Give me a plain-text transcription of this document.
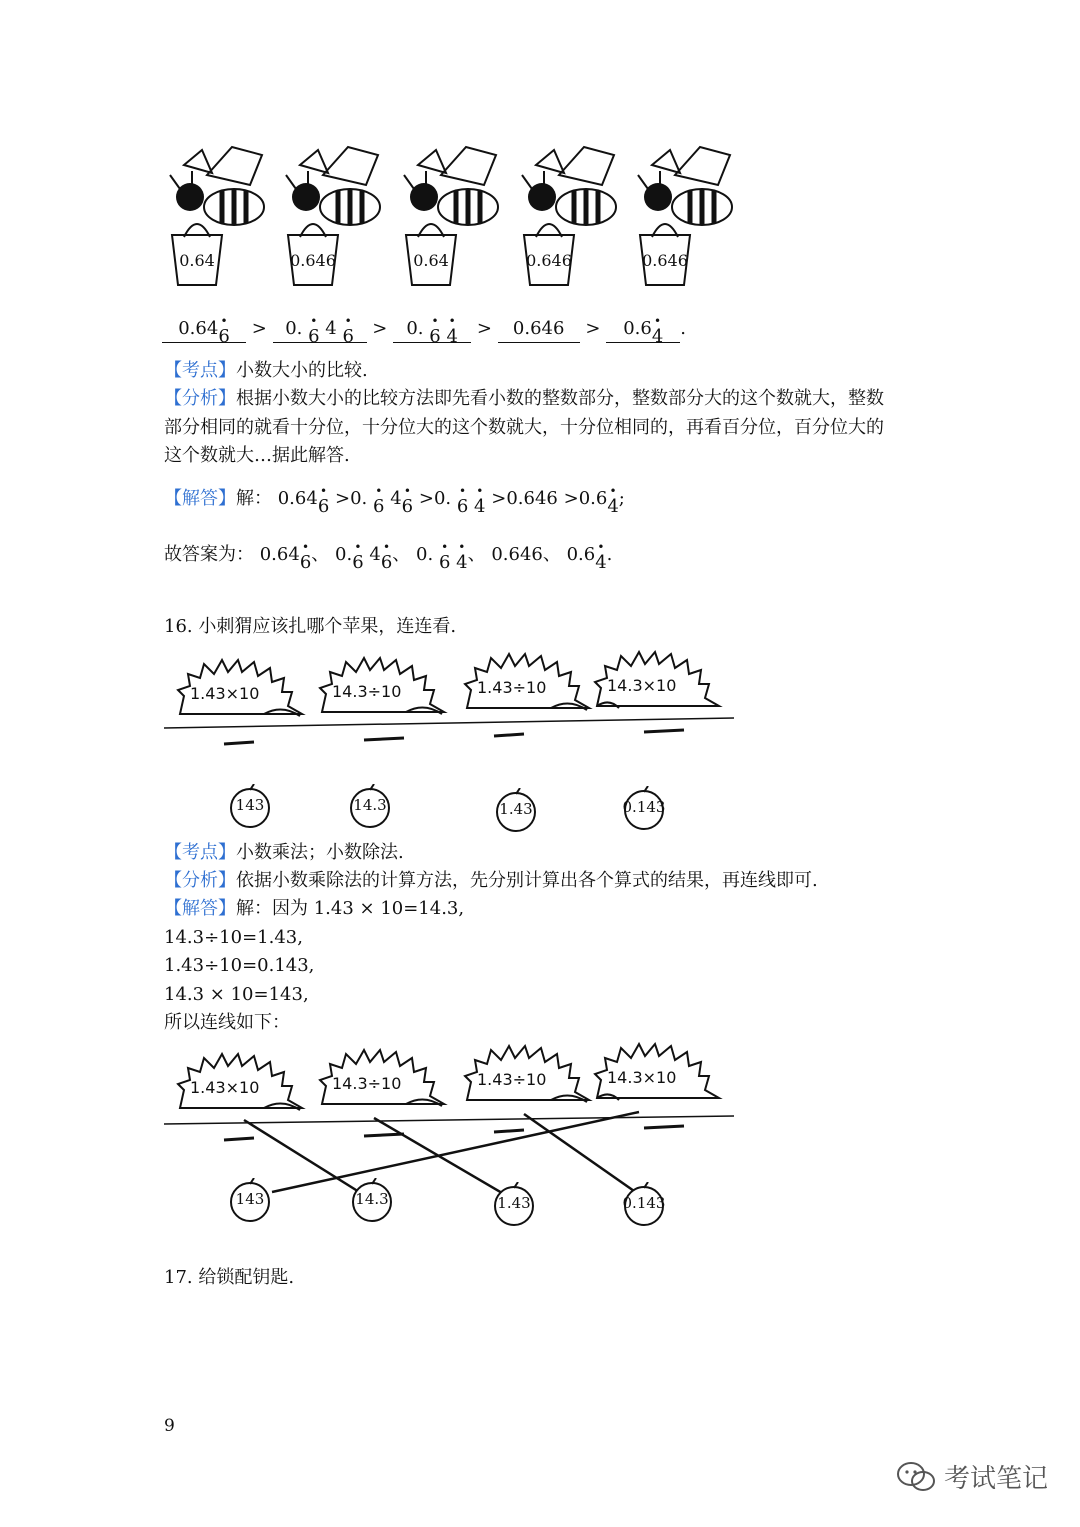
0.64	0.646	0.64	0.646	0.646
0.64 •
6 > 0. •
6 4 •
6 > 0. •
6
•
4 > 0.646 > 0.6 •
4 .
【考点】小数大小的比较.
【分析】根据小数大小的比较方法即先看小数的整数部分，整数部分大的这个数就大，整数
部分相同的就看十分位，十分位大的这个数就大，十分位相同的，再看百分位，百分位大的
这个数就大…据此解答.
【解答】解： 0.64 •
6 >0. •
6 4 •
6 >0. •
6
•
4 >0.646 >0.6 •
4;
故答案为： 0.64 •
6、 0. •
6 4 •
6、 0. •
6
•
4、 0.646、 0.6 •
4.
16. 小刺猬应该扎哪个苹果，连连看.
1.43×10	14.3÷10	1.43÷10	14.3×10
143	14.3	1.43	0.143
【考点】小数乘法；小数除法.
【分析】依据小数乘除法的计算方法，先分别计算出各个算式的结果，再连线即可.
【解答】解：因为 1.43 × 10=14.3,
14.3÷10=1.43,
1.43÷10=0.143,
14.3 × 10=143,
所以连线如下：
1.43×10	14.3÷10	1.43÷10	14.3×10
143	14.3	1.43	0.143
17. 给锁配钥匙.
9
考试笔记
